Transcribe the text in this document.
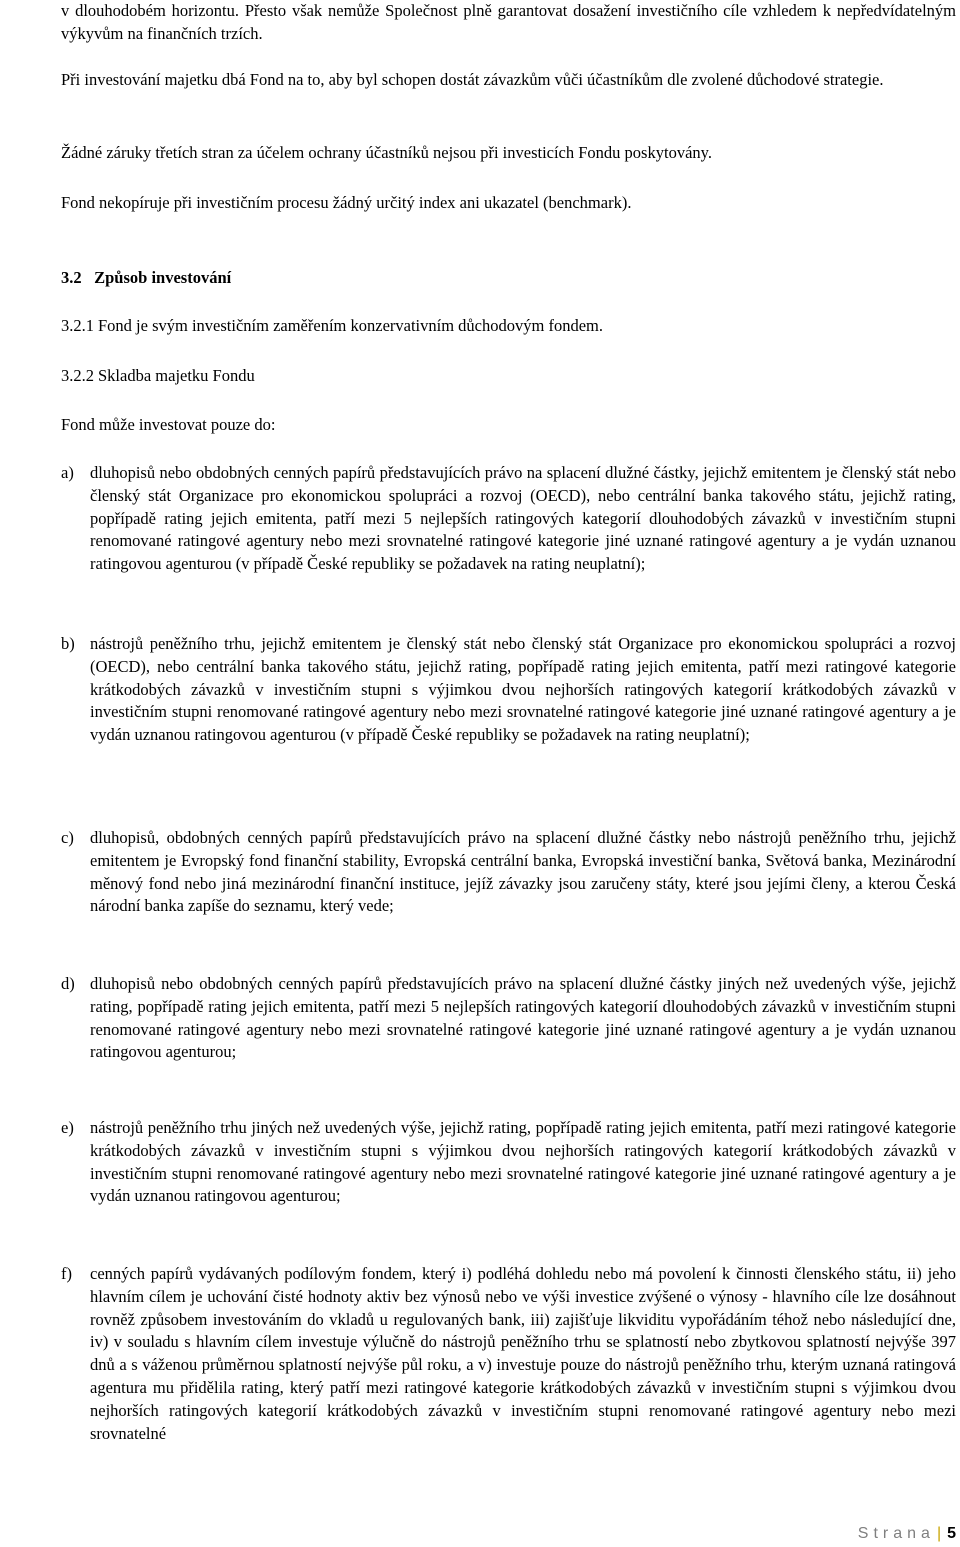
v dlouhodobém horizontu. Přesto však nemůže Společnost plně garantovat dosažení investičního cíle vzhledem k nepředvídatelným výkyvům na finančních trzích.

Při investování majetku dbá Fond na to, aby byl schopen dostát závazkům vůči účastníkům dle zvolené důchodové strategie.

Žádné záruky třetích stran za účelem ochrany účastníků nejsou při investicích Fondu poskytovány.

Fond nekopíruje při investičním procesu žádný určitý index ani ukazatel (benchmark).

3.2 Způsob investování

3.2.1 Fond je svým investičním zaměřením konzervativním důchodovým fondem.

3.2.2 Skladba majetku Fondu

Fond může investovat pouze do:

a) dluhopisů nebo obdobných cenných papírů představujících právo na splacení dlužné částky, jejichž emitentem je členský stát nebo členský stát Organizace pro ekonomickou spolupráci a rozvoj (OECD), nebo centrální banka takového státu, jejichž rating, popřípadě rating jejich emitenta, patří mezi 5 nejlepších ratingových kategorií dlouhodobých závazků v investičním stupni renomované ratingové agentury nebo mezi srovnatelné ratingové kategorie jiné uznané ratingové agentury a je vydán uznanou ratingovou agenturou (v případě České republiky se požadavek na rating neuplatní);
b) nástrojů peněžního trhu, jejichž emitentem je členský stát nebo členský stát Organizace pro ekonomickou spolupráci a rozvoj (OECD), nebo centrální banka takového státu, jejichž rating, popřípadě rating jejich emitenta, patří mezi ratingové kategorie krátkodobých závazků v investičním stupni s výjimkou dvou nejhorších ratingových kategorií krátkodobých závazků v investičním stupni renomované ratingové agentury nebo mezi srovnatelné ratingové kategorie jiné uznané ratingové agentury a je vydán uznanou ratingovou agenturou (v případě České republiky se požadavek na rating neuplatní);
c) dluhopisů, obdobných cenných papírů představujících právo na splacení dlužné částky nebo nástrojů peněžního trhu, jejichž emitentem je Evropský fond finanční stability, Evropská centrální banka, Evropská investiční banka, Světová banka, Mezinárodní měnový fond nebo jiná mezinárodní finanční instituce, jejíž závazky jsou zaručeny státy, které jsou jejími členy, a kterou Česká národní banka zapíše do seznamu, který vede;
d) dluhopisů nebo obdobných cenných papírů představujících právo na splacení dlužné částky jiných než uvedených výše, jejichž rating, popřípadě rating jejich emitenta, patří mezi 5 nejlepších ratingových kategorií dlouhodobých závazků v investičním stupni renomované ratingové agentury nebo mezi srovnatelné ratingové kategorie jiné uznané ratingové agentury a je vydán uznanou ratingovou agenturou;
e) nástrojů peněžního trhu jiných než uvedených výše, jejichž rating, popřípadě rating jejich emitenta, patří mezi ratingové kategorie krátkodobých závazků v investičním stupni s výjimkou dvou nejhorších ratingových kategorií krátkodobých závazků v investičním stupni renomované ratingové agentury nebo mezi srovnatelné ratingové kategorie jiné uznané ratingové agentury a je vydán uznanou ratingovou agenturou;
f) cenných papírů vydávaných podílovým fondem, který i) podléhá dohledu nebo má povolení k činnosti členského státu, ii) jeho hlavním cílem je uchování čisté hodnoty aktiv bez výnosů nebo ve výši investice zvýšené o výnosy - hlavního cíle lze dosáhnout rovněž způsobem investováním do vkladů u regulovaných bank, iii) zajišťuje likviditu vypořádáním téhož nebo následující dne, iv) v souladu s hlavním cílem investuje výlučně do nástrojů peněžního trhu se splatností nebo zbytkovou splatností nejvýše 397 dnů a s váženou průměrnou splatností nejvýše půl roku, a v) investuje pouze do nástrojů peněžního trhu, kterým uznaná ratingová agentura mu přidělila rating, který patří mezi ratingové kategorie krátkodobých závazků v investičním stupni s výjimkou dvou nejhorších ratingových kategorií krátkodobých závazků v investičním stupni renomované ratingové agentury nebo mezi srovnatelné
Strana | 5
